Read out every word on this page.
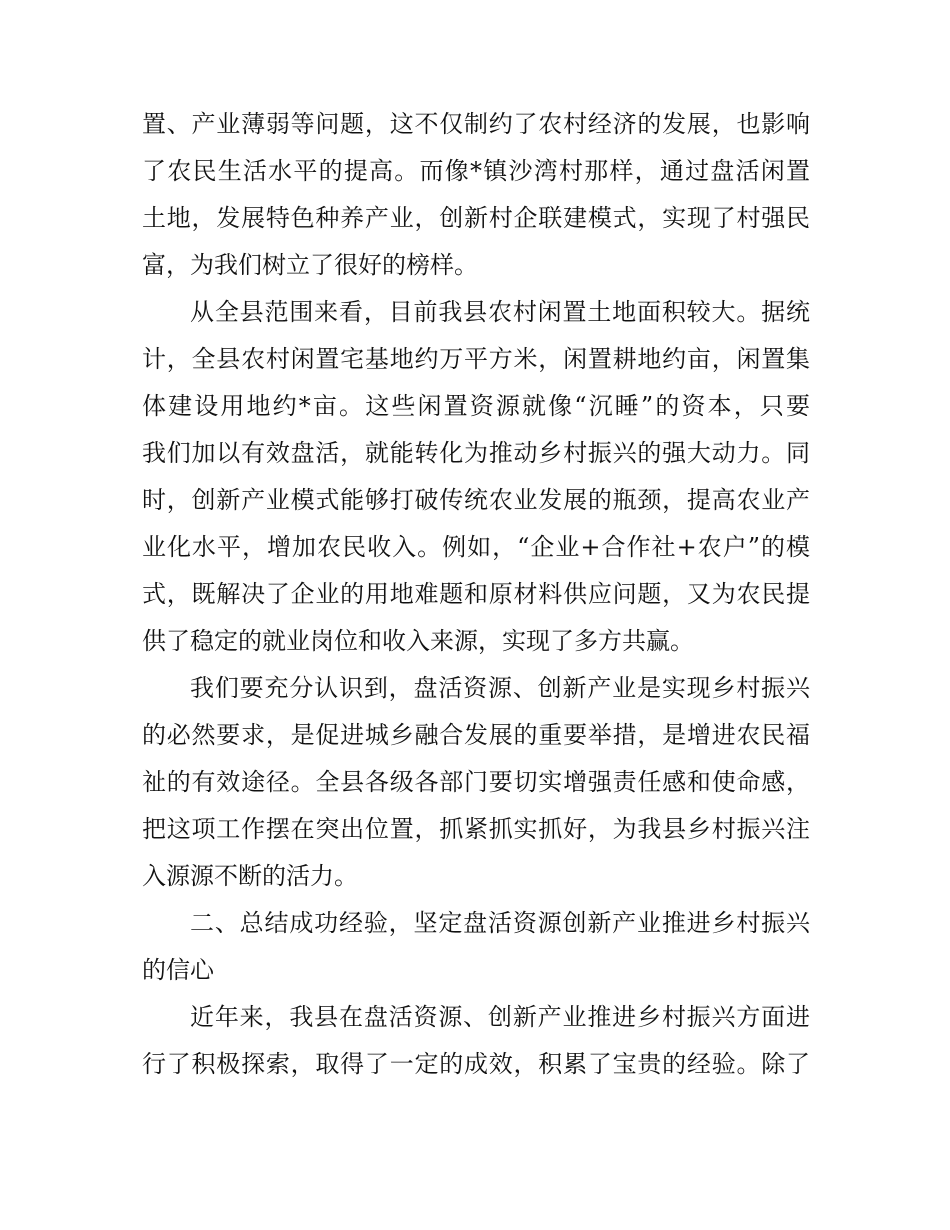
置、产业薄弱等问题，这不仅制约了农村经济的发展，也影响
了农民生活水平的提高。而像*镇沙湾村那样，通过盘活闲置
土地，发展特色种养产业，创新村企联建模式，实现了村强民
富，为我们树立了很好的榜样。
从全县范围来看，目前我县农村闲置土地面积较大。据统
计，全县农村闲置宅基地约万平方米，闲置耕地约亩，闲置集
体建设用地约*亩。这些闲置资源就像“沉睡”的资本，只要
我们加以有效盘活，就能转化为推动乡村振兴的强大动力。同
时，创新产业模式能够打破传统农业发展的瓶颈，提高农业产
业化水平，增加农民收入。例如，“企业+合作社+农户”的模
式，既解决了企业的用地难题和原材料供应问题，又为农民提
供了稳定的就业岗位和收入来源，实现了多方共赢。
我们要充分认识到，盘活资源、创新产业是实现乡村振兴
的必然要求，是促进城乡融合发展的重要举措，是增进农民福
祉的有效途径。全县各级各部门要切实增强责任感和使命感，
把这项工作摆在突出位置，抓紧抓实抓好，为我县乡村振兴注
入源源不断的活力。
二、总结成功经验，坚定盘活资源创新产业推进乡村振兴
的信心
近年来，我县在盘活资源、创新产业推进乡村振兴方面进
行了积极探索，取得了一定的成效，积累了宝贵的经验。除了
